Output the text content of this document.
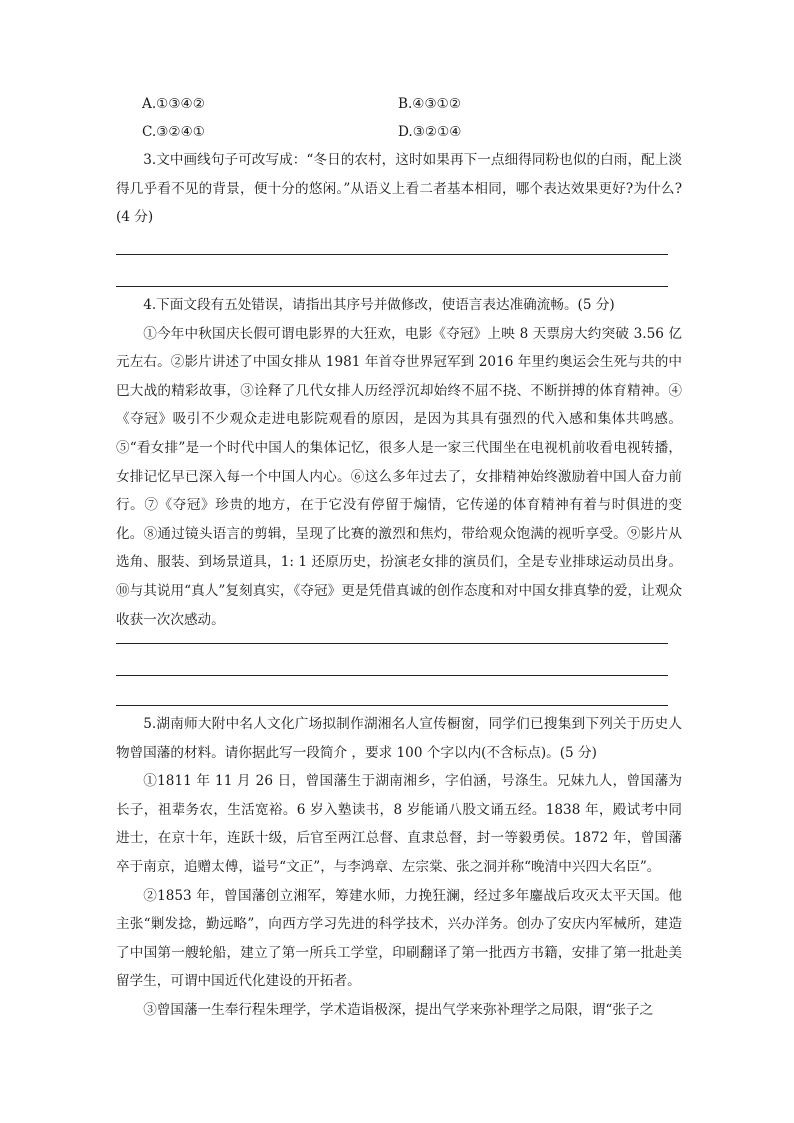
A.①③④②	B.④③①②
C.③②④①	D.③②①④

3.文中画线句子可改写成：“冬日的农村，这时如果再下一点细得同粉也似的白雨，配上淡得几乎看不见的背景，便十分的悠闲。”从语义上看二者基本相同，哪个表达效果更好?为什么?(4 分)

4.下面文段有五处错误，请指出其序号并做修改，使语言表达准确流畅。(5 分)

①今年中秋国庆长假可谓电影界的大狂欢，电影《夺冠》上映 8 天票房大约突破 3.56 亿元左右。②影片讲述了中国女排从 1981 年首夺世界冠军到 2016 年里约奥运会生死与共的中巴大战的精彩故事，③诠释了几代女排人历经浮沉却始终不屈不挠、不断拼搏的体育精神。④《夺冠》吸引不少观众走进电影院观看的原因，是因为其具有强烈的代入感和集体共鸣感。⑤“看女排”是一个时代中国人的集体记忆，很多人是一家三代围坐在电视机前收看电视转播，女排记忆早已深入每一个中国人内心。⑥这么多年过去了，女排精神始终激励着中国人奋力前行。⑦《夺冠》珍贵的地方，在于它没有停留于煽情，它传递的体育精神有着与时俱进的变化。⑧通过镜头语言的剪辑，呈现了比赛的激烈和焦灼，带给观众饱满的视听享受。⑨影片从选角、服装、到场景道具，1: 1 还原历史，扮演老女排的演员们，全是专业排球运动员出身。⑩与其说用“真人”复刻真实，《夺冠》更是凭借真诚的创作态度和对中国女排真挚的爱，让观众收获一次次感动。

5.湖南师大附中名人文化广场拟制作湖湘名人宣传橱窗，同学们已搜集到下列关于历史人物曾国藩的材料。请你据此写一段简介 ，要求 100 个字以内(不含标点)。(5 分)

①1811 年 11 月 26 日，曾国藩生于湖南湘乡，字伯涵，号涤生。兄妹九人，曾国藩为长子，祖辈务农，生活宽裕。6 岁入塾读书，8 岁能诵八股文诵五经。1838 年，殿试考中同进士，在京十年，连跃十级，后官至两江总督、直隶总督，封一等毅勇侯。1872 年，曾国藩卒于南京，追赠太傅，谥号“文正”，与李鸿章、左宗棠、张之洞并称“晚清中兴四大名臣”。

②1853 年，曾国藩创立湘军，筹建水师，力挽狂澜，经过多年鏖战后攻灭太平天国。他主张“剿发捻，勤远略”，向西方学习先进的科学技术，兴办洋务。创办了安庆内军械所，建造了中国第一艘轮船，建立了第一所兵工学堂，印刷翻译了第一批西方书籍，安排了第一批赴美留学生，可谓中国近代化建设的开拓者。

③曾国藩一生奉行程朱理学，学术造诣极深，提出气学来弥补理学之局限，谓“张子之
